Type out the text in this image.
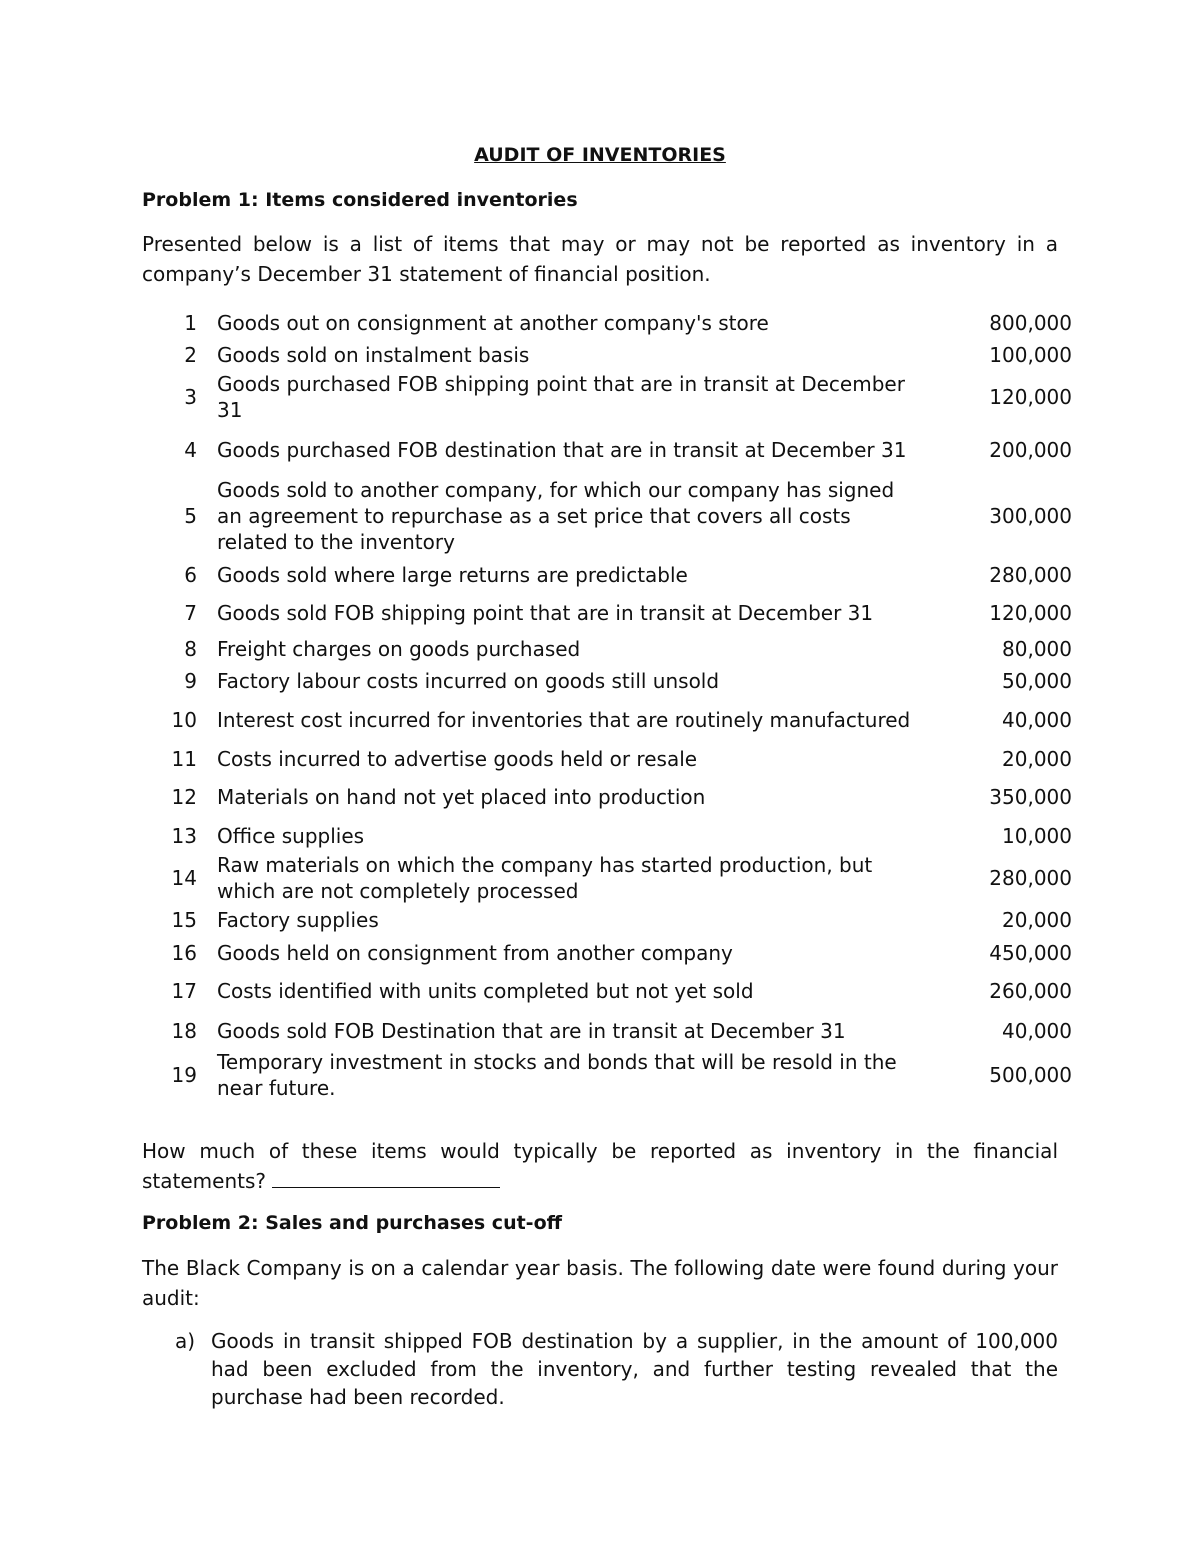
AUDIT OF INVENTORIES
Problem 1: Items considered inventories
Presented below is a list of items that may or may not be reported as inventory in a company’s December 31 statement of financial position.
1	Goods out on consignment at another company's store	800,000
2	Goods sold on instalment basis	100,000
3	Goods purchased FOB shipping point that are in transit at December 31	120,000
4	Goods purchased FOB destination that are in transit at December 31	200,000
5	Goods sold to another company, for which our company has signed an agreement to repurchase as a set price that covers all costs related to the inventory	300,000
6	Goods sold where large returns are predictable	280,000
7	Goods sold FOB shipping point that are in transit at December 31	120,000
8	Freight charges on goods purchased	80,000
9	Factory labour costs incurred on goods still unsold	50,000
10	Interest cost incurred for inventories that are routinely manufactured	40,000
11	Costs incurred to advertise goods held or resale	20,000
12	Materials on hand not yet placed into production	350,000
13	Office supplies	10,000
14	Raw materials on which the company has started production, but which are not completely processed	280,000
15	Factory supplies	20,000
16	Goods held on consignment from another company	450,000
17	Costs identified with units completed but not yet sold	260,000
18	Goods sold FOB Destination that are in transit at December 31	40,000
19	Temporary investment in stocks and bonds that will be resold in the near future.	500,000
How much of these items would typically be reported as inventory in the financial statements?
Problem 2: Sales and purchases cut-off
The Black Company is on a calendar year basis. The following date were found during your audit:
a) Goods in transit shipped FOB destination by a supplier, in the amount of 100,000 had been excluded from the inventory, and further testing revealed that the purchase had been recorded.
